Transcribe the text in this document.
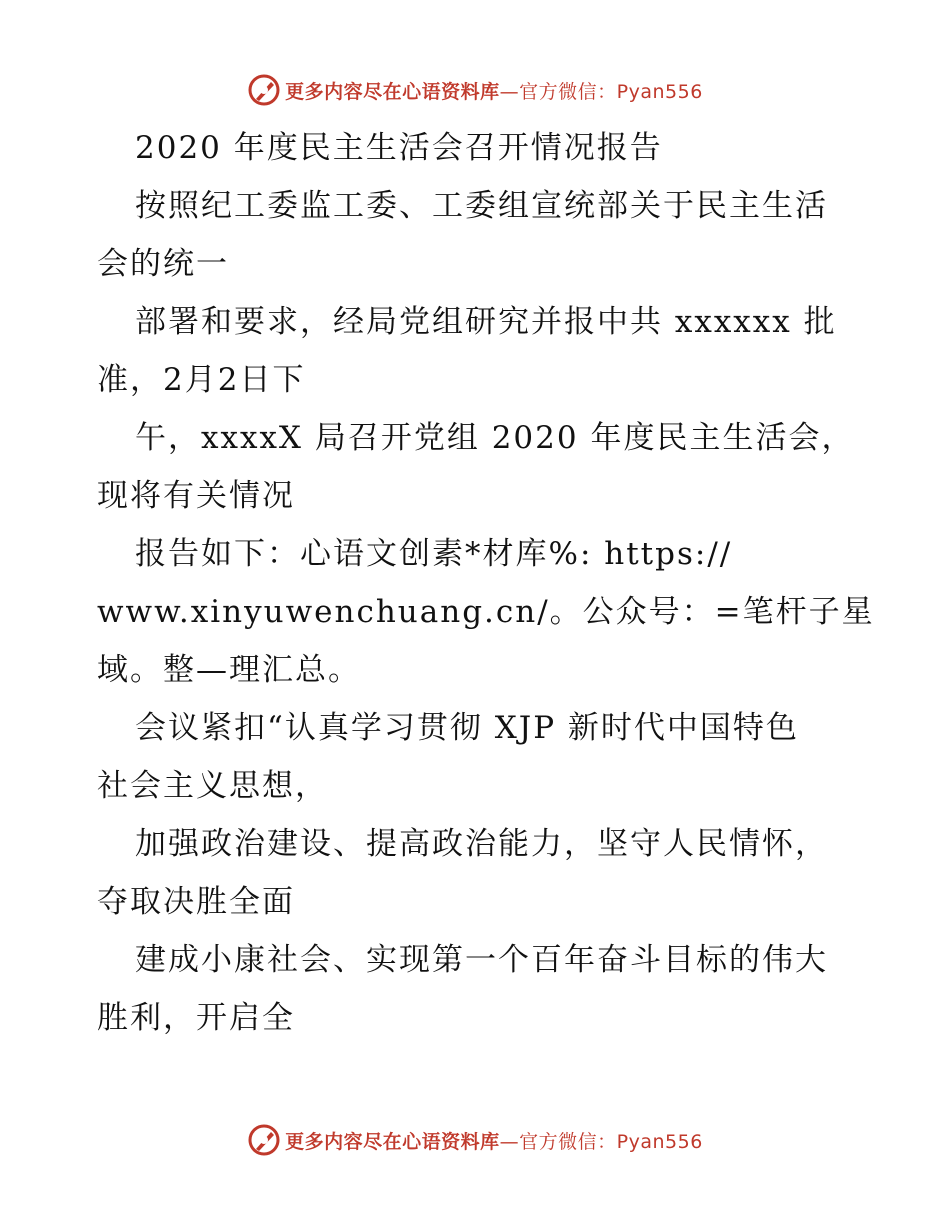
更多内容尽在心语资料库—官方微信：Pyan556
2020 年度民主生活会召开情况报告
按照纪工委监工委、工委组宣统部关于民主生活
会的统一
部署和要求，经局党组研究并报中共 xxxxxx 批
准，2月2日下
午，xxxxX 局召开党组 2020 年度民主生活会，
现将有关情况
报告如下：心语文创素*材库%: https://
www.xinyuwenchuang.cn/。公众号：=笔杆子星
域。整—理汇总。
会议紧扣“认真学习贯彻 XJP 新时代中国特色
社会主义思想，
加强政治建设、提高政治能力，坚守人民情怀，
夺取决胜全面
建成小康社会、实现第一个百年奋斗目标的伟大
胜利，开启全
更多内容尽在心语资料库—官方微信：Pyan556
